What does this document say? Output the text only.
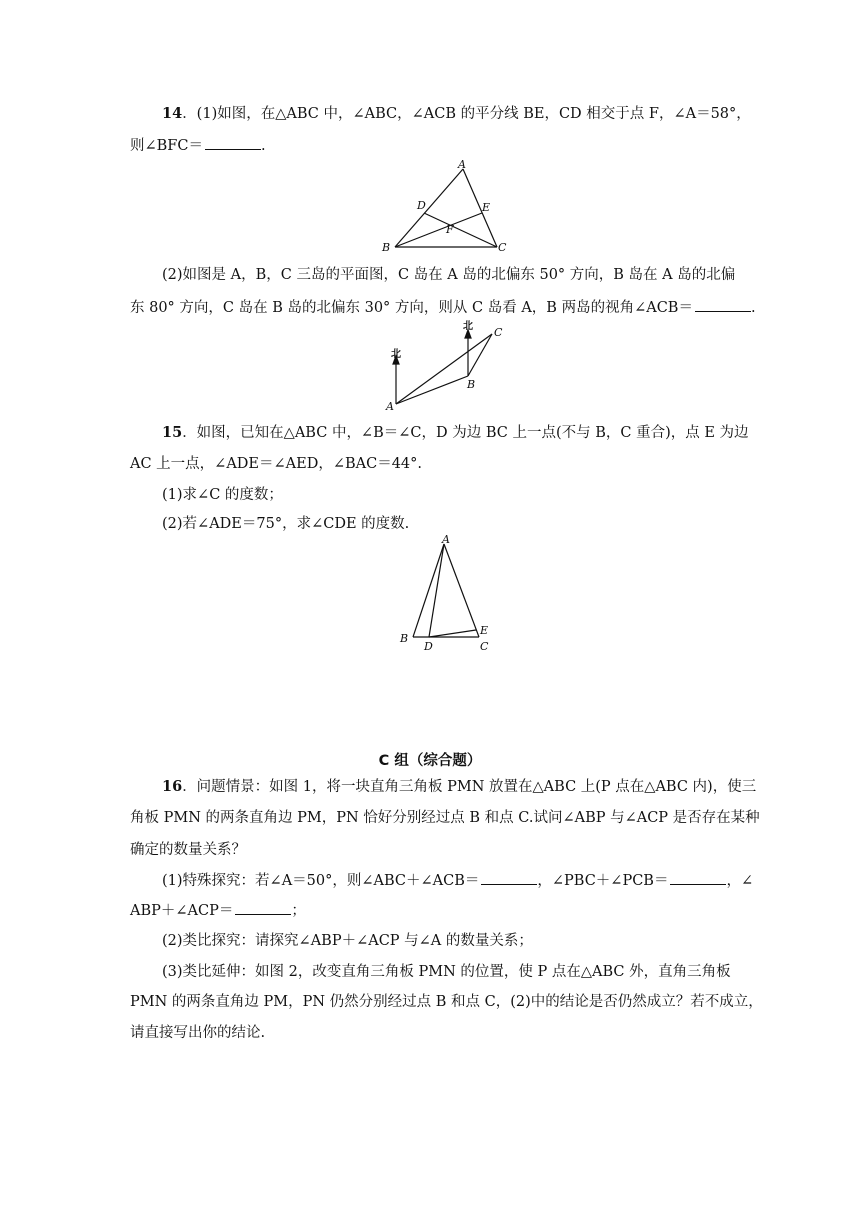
14．(1)如图，在△ABC 中，∠ABC，∠ACB 的平分线 BE，CD 相交于点 F，∠A＝58°，
则∠BFC＝	.
A
B	C
D	E
F
(2)如图是 A，B，C 三岛的平面图，C 岛在 A 岛的北偏东 50° 方向，B 岛在 A 岛的北偏
东 80° 方向，C 岛在 B 岛的北偏东 30° 方向，则从 C 岛看 A，B 两岛的视角∠ACB＝	.
北
北
A
B
C
15．如图，已知在△ABC 中，∠B＝∠C，D 为边 BC 上一点(不与 B，C 重合)，点 E 为边
AC 上一点，∠ADE＝∠AED，∠BAC＝44°.
(1)求∠C 的度数；
(2)若∠ADE＝75°，求∠CDE 的度数.
A
B
C
D
E
C 组（综合题）
16．问题情景：如图 1，将一块直角三角板 PMN 放置在△ABC 上(P 点在△ABC 内)，使三
角板 PMN 的两条直角边 PM，PN 恰好分别经过点 B 和点 C.试问∠ABP 与∠ACP 是否存在某种
确定的数量关系？
(1)特殊探究：若∠A＝50°，则∠ABC＋∠ACB＝	，∠PBC＋∠PCB＝	，∠
ABP＋∠ACP＝	；
(2)类比探究：请探究∠ABP＋∠ACP 与∠A 的数量关系；
(3)类比延伸：如图 2，改变直角三角板 PMN 的位置，使 P 点在△ABC 外，直角三角板
PMN 的两条直角边 PM，PN 仍然分别经过点 B 和点 C，(2)中的结论是否仍然成立？若不成立，
请直接写出你的结论.
